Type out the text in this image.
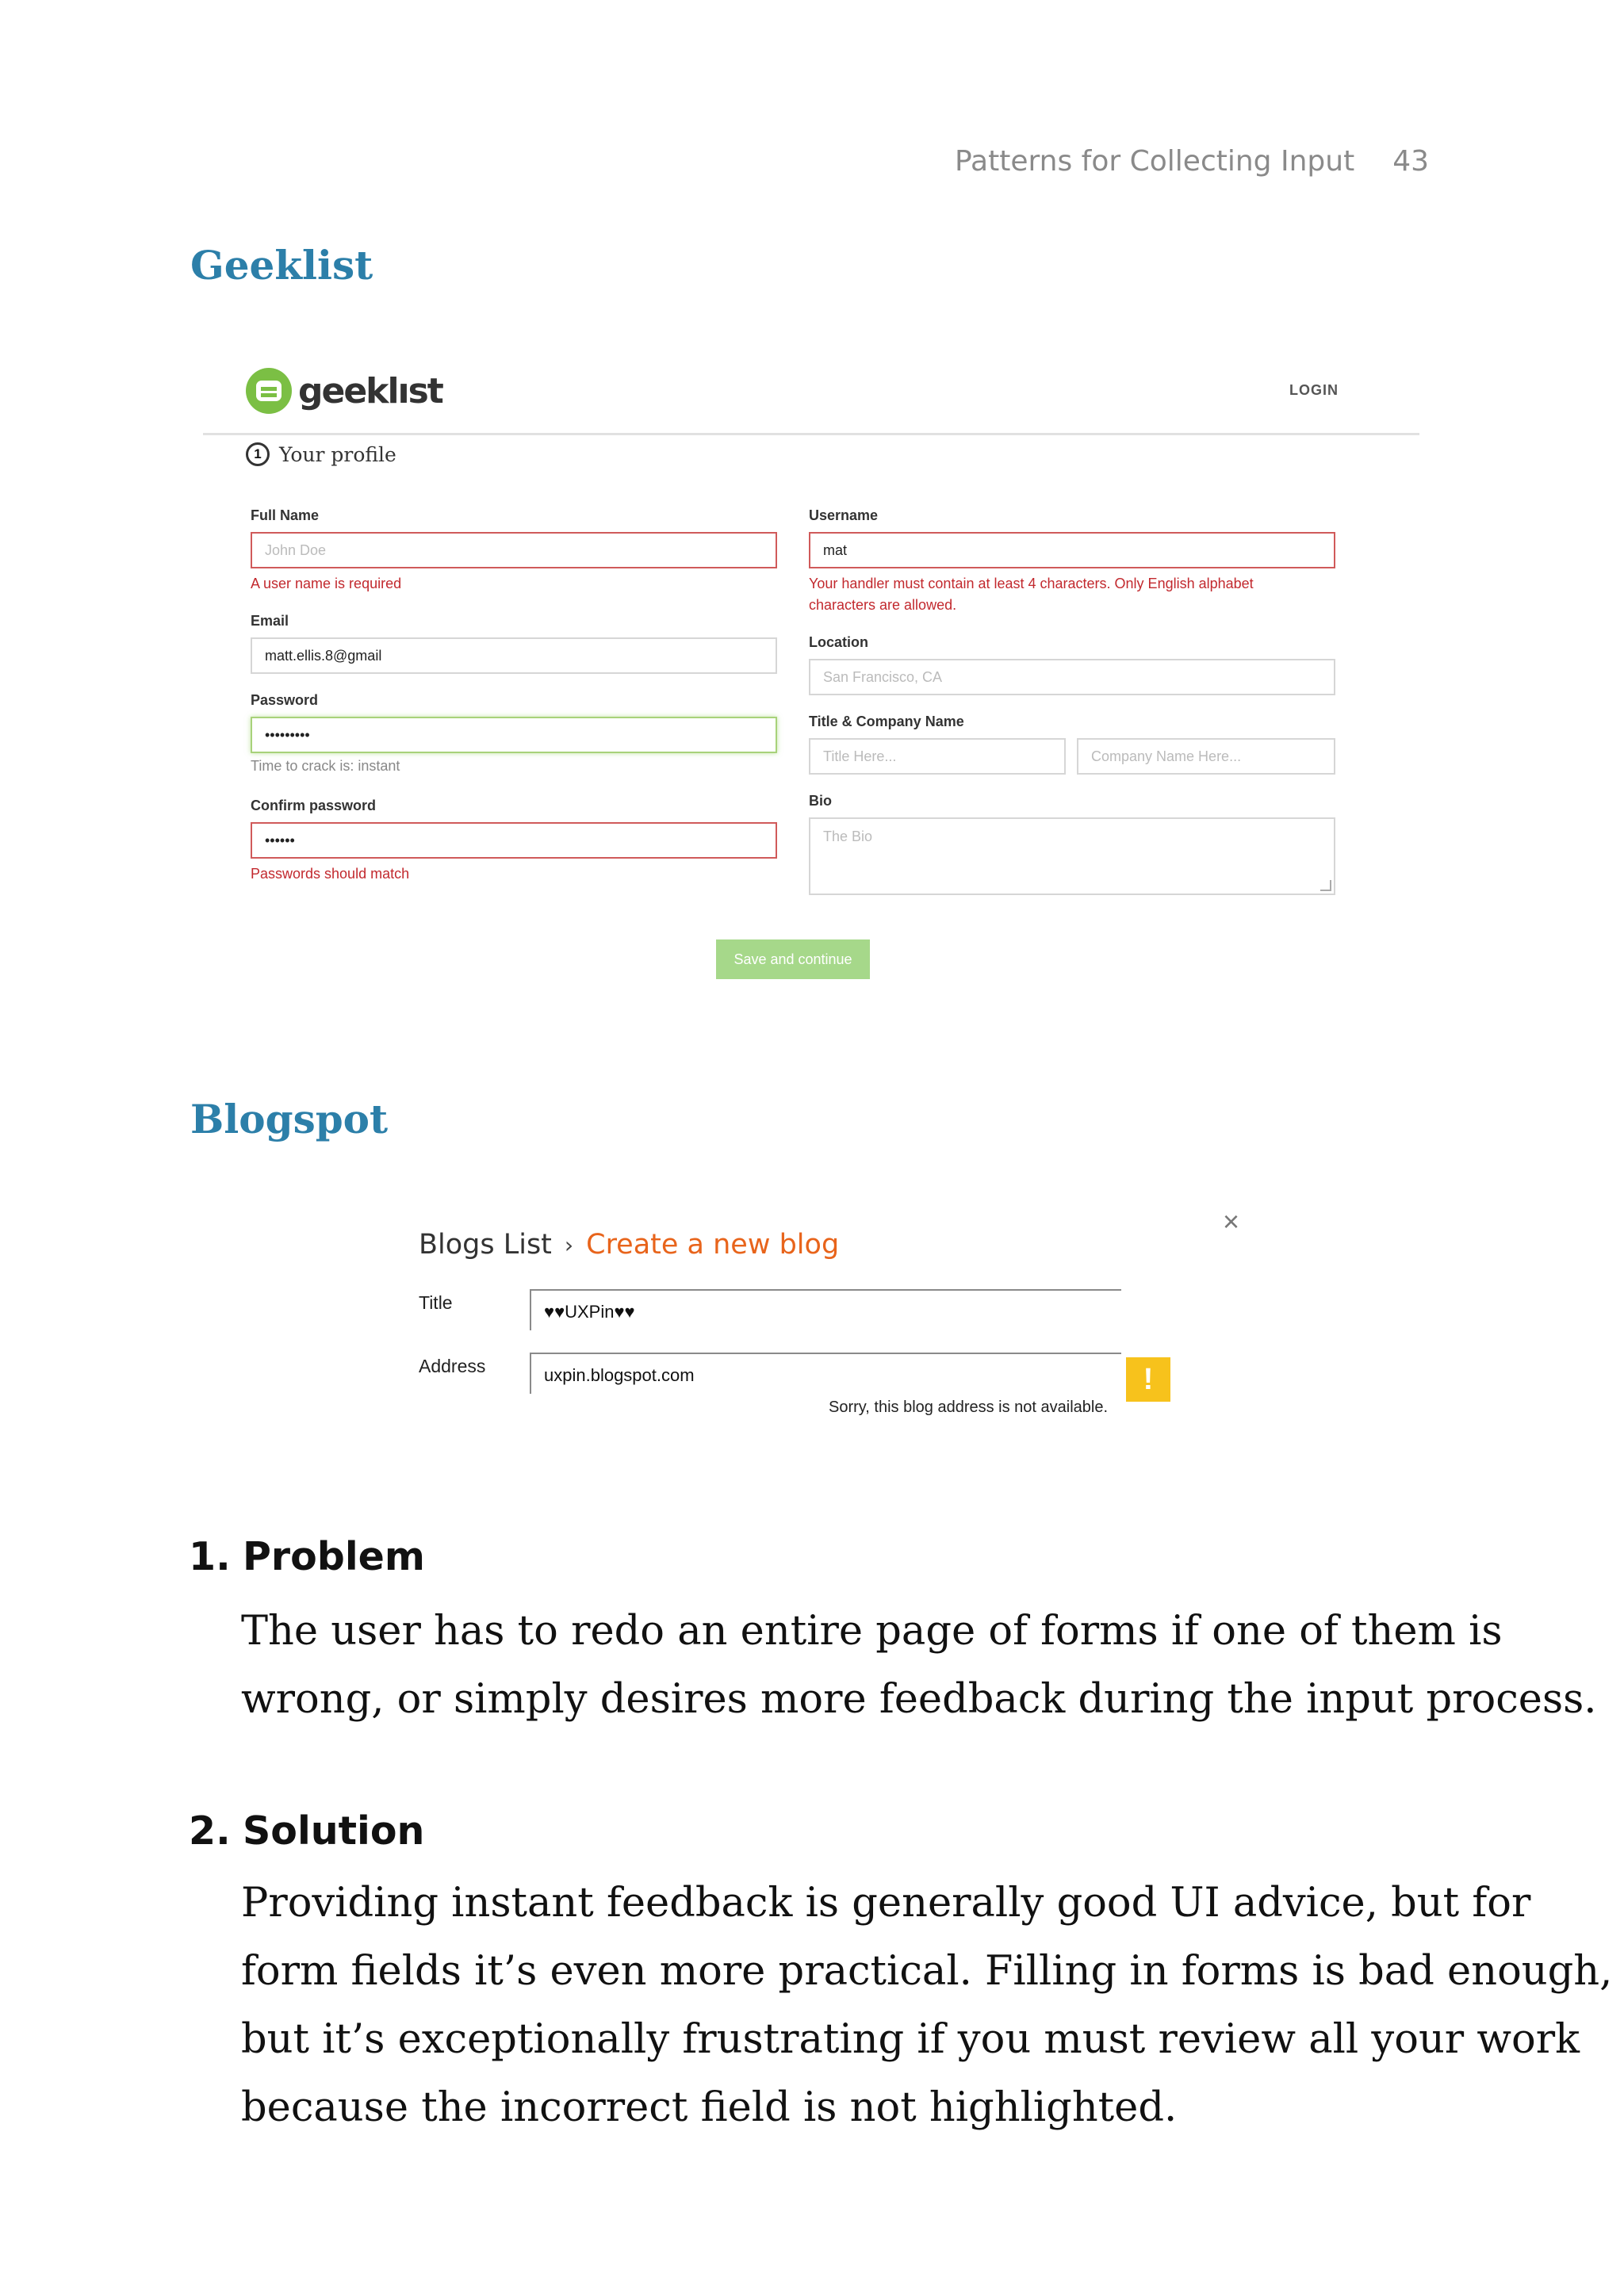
Patterns for Collecting Input 43
Geeklist
geeklıst	LOGIN
1 Your profile
Full Name
John Doe
A user name is required
Email
matt.ellis.8@gmail
Password
•••••••••
Time to crack is: instant
Confirm password
••••••
Passwords should match
Username
mat
Your handler must contain at least 4 characters. Only English alphabet
characters are allowed.
Location
San Francisco, CA
Title & Company Name
Title Here...	Company Name Here...
Bio
The Bio
Save and continue
Blogspot
×
Blogs List › Create a new blog
Title	♥♥UXPin♥♥
Address	uxpin.blogspot.com	!
Sorry, this blog address is not available.
1. Problem
The user has to redo an entire page of forms if one of them is
wrong, or simply desires more feedback during the input process.
2. Solution
Providing instant feedback is generally good UI advice, but for
form fields it’s even more practical. Filling in forms is bad enough,
but it’s exceptionally frustrating if you must review all your work
because the incorrect field is not highlighted.
